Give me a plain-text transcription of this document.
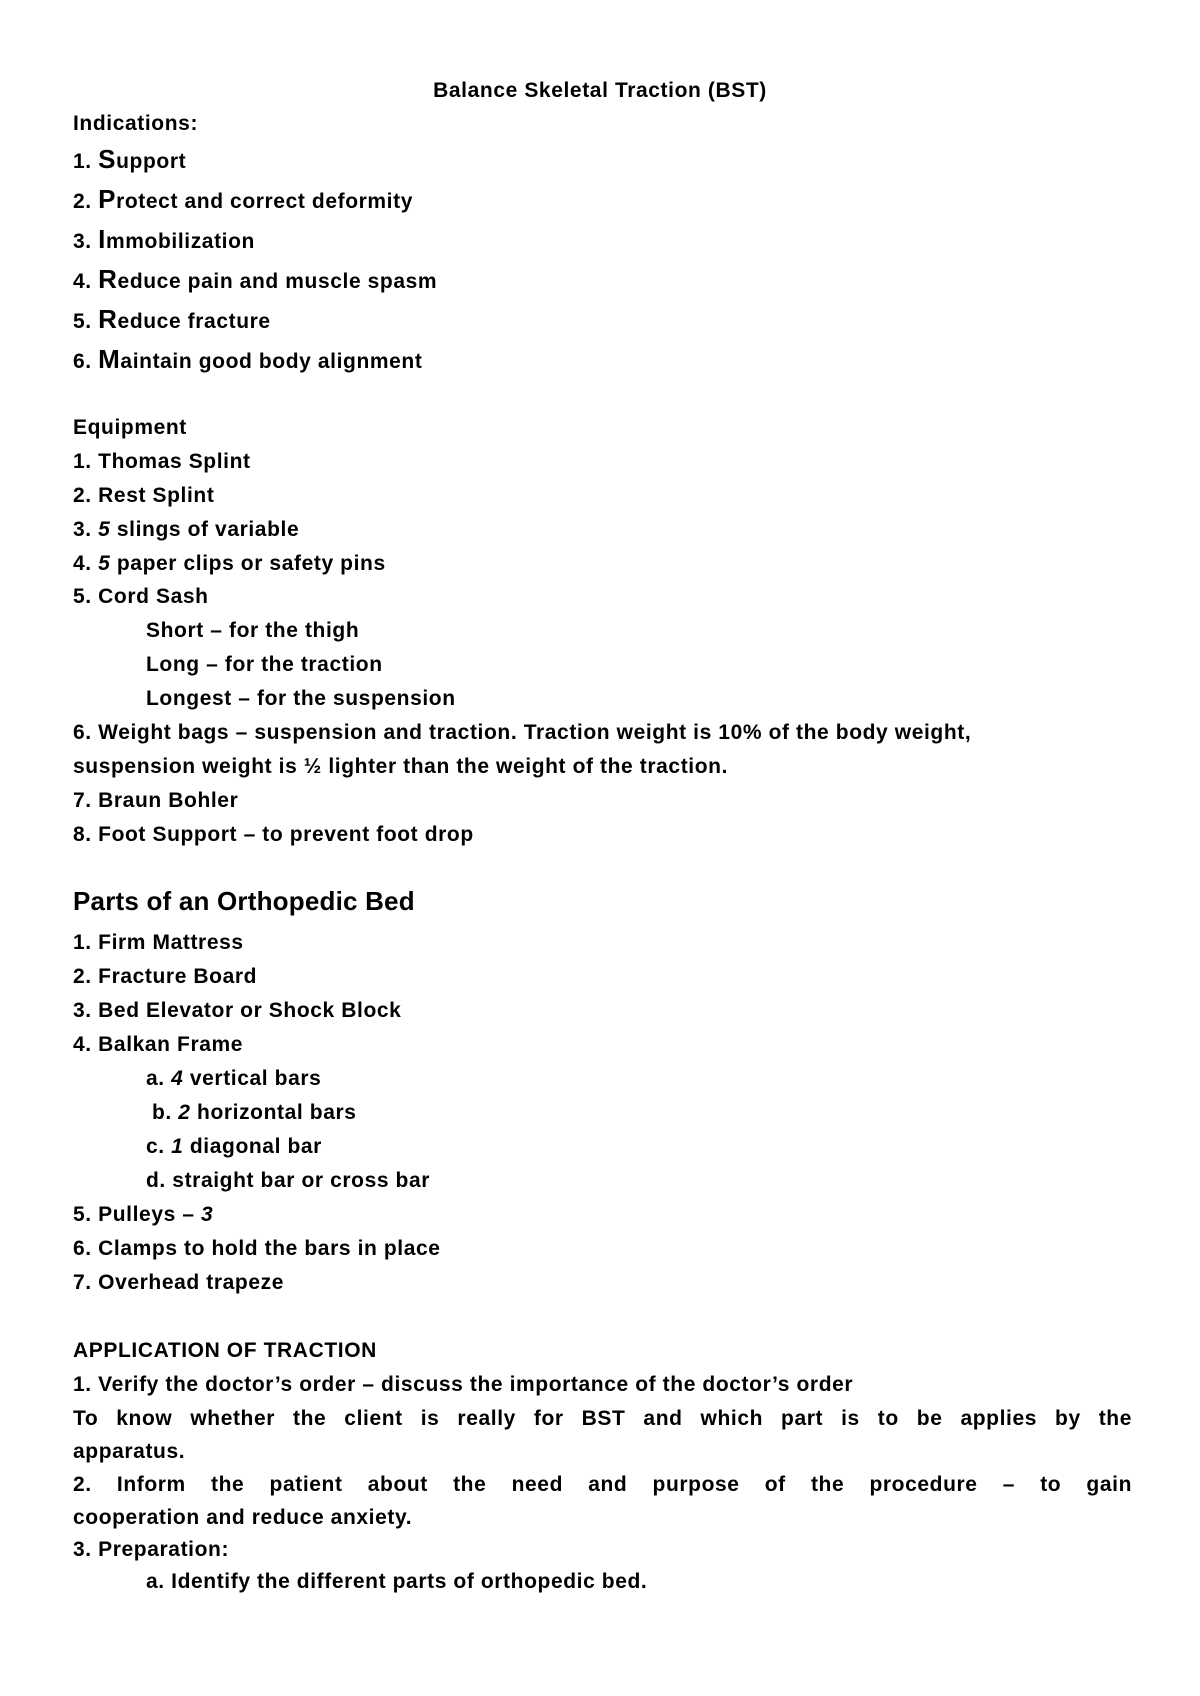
Balance Skeletal Traction (BST)
Indications:
1. Support
2. Protect and correct deformity
3. Immobilization
4. Reduce pain and muscle spasm
5. Reduce fracture
6. Maintain good body alignment
Equipment
1. Thomas Splint
2. Rest Splint
3. 5 slings of variable
4. 5 paper clips or safety pins
5. Cord Sash
Short – for the thigh
Long – for the traction
Longest – for the suspension
6. Weight bags – suspension and traction. Traction weight is 10% of the body weight,
suspension weight is ½ lighter than the weight of the traction.
7. Braun Bohler
8. Foot Support – to prevent foot drop
Parts of an Orthopedic Bed
1. Firm Mattress
2. Fracture Board
3. Bed Elevator or Shock Block
4. Balkan Frame
a. 4 vertical bars
b. 2 horizontal bars
c. 1 diagonal bar
d. straight bar or cross bar
5. Pulleys – 3
6. Clamps to hold the bars in place
7. Overhead trapeze
APPLICATION OF TRACTION
1. Verify the doctor’s order – discuss the importance of the doctor’s order
To know whether the client is really for BST and which part is to be applies by the
apparatus.
2. Inform the patient about the need and purpose of the procedure – to gain
cooperation and reduce anxiety.
3. Preparation:
a. Identify the different parts of orthopedic bed.
